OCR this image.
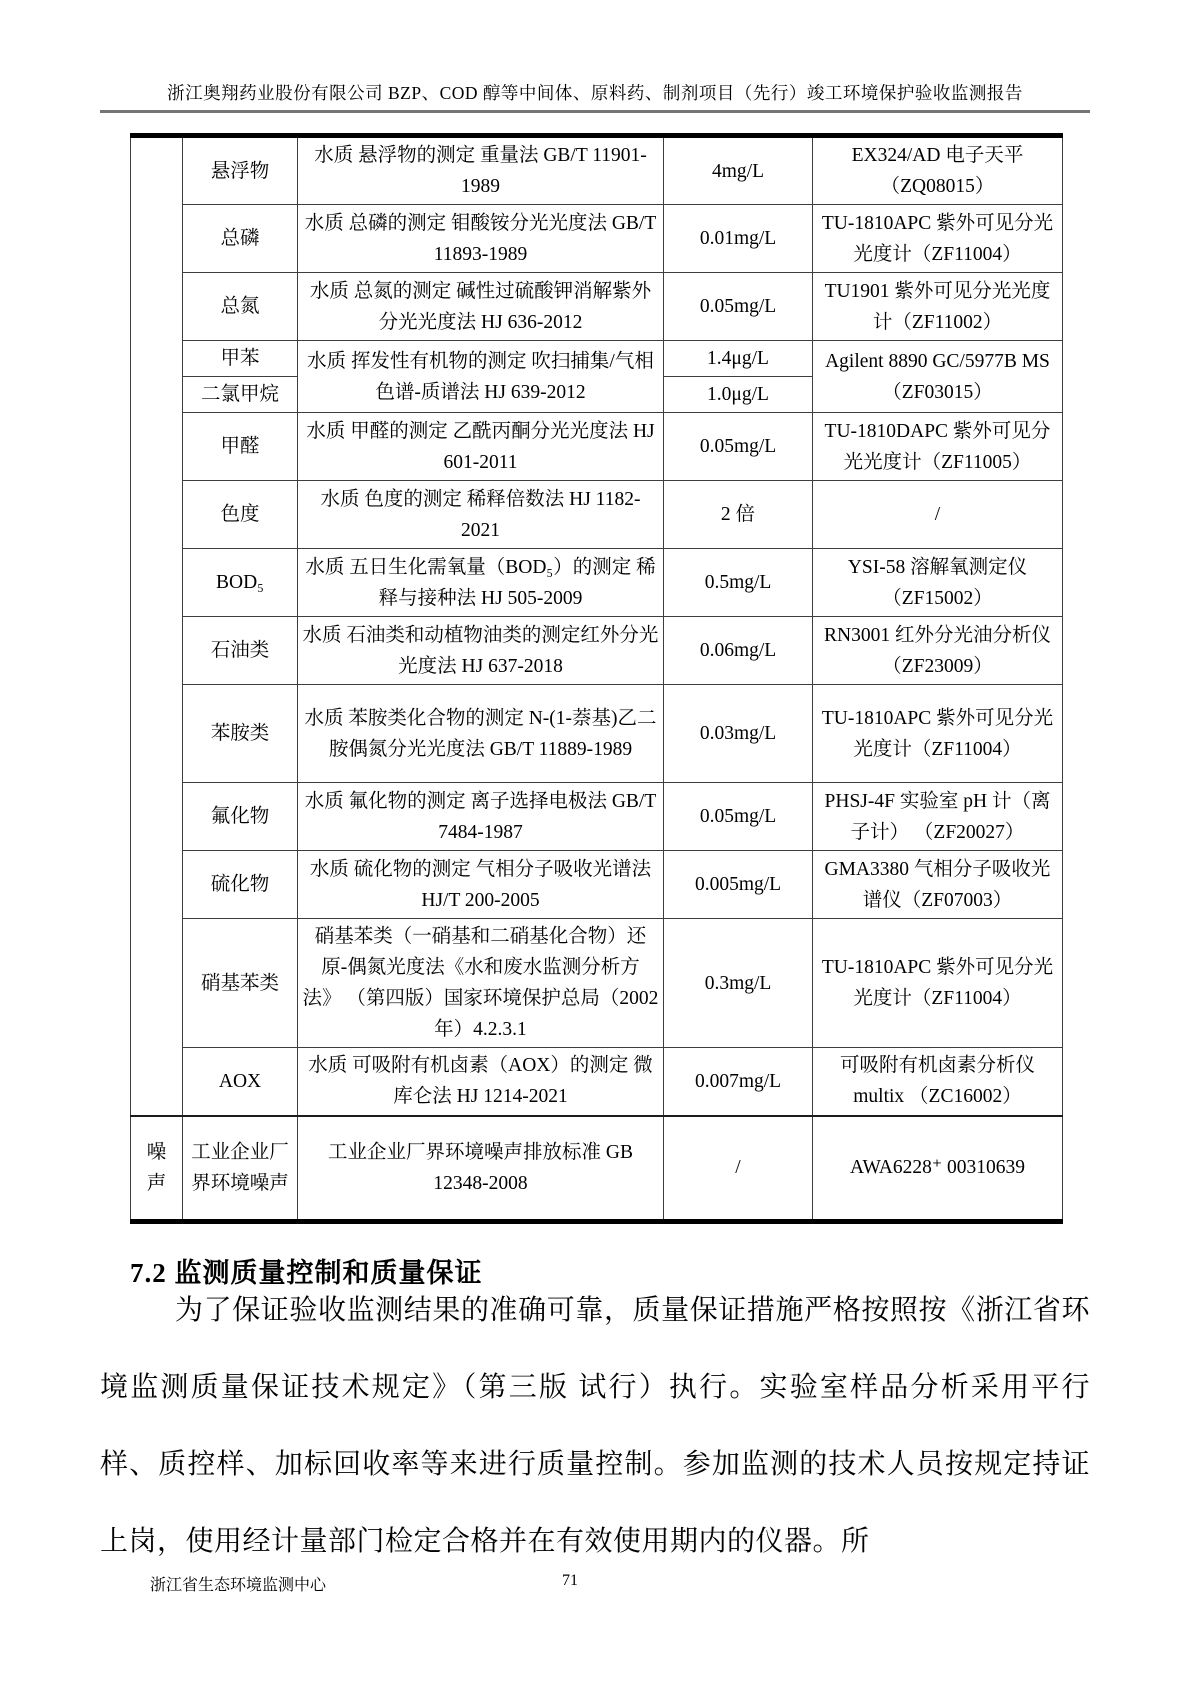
浙江奥翔药业股份有限公司 BZP、COD 醇等中间体、原料药、制剂项目（先行）竣工环境保护验收监测报告
	悬浮物	水质 悬浮物的测定 重量法 GB/T 11901-1989	4mg/L	EX324/AD 电子天平（ZQ08015）
	总磷	水质 总磷的测定 钼酸铵分光光度法 GB/T 11893-1989	0.01mg/L	TU-1810APC 紫外可见分光光度计（ZF11004）
	总氮	水质 总氮的测定 碱性过硫酸钾消解紫外分光光度法 HJ 636-2012	0.05mg/L	TU1901 紫外可见分光光度计（ZF11002）
	甲苯	水质 挥发性有机物的测定 吹扫捕集/气相色谱-质谱法 HJ 639-2012	1.4μg/L	Agilent 8890 GC/5977B MS（ZF03015）
	二氯甲烷		1.0μg/L	
	甲醛	水质 甲醛的测定 乙酰丙酮分光光度法 HJ 601-2011	0.05mg/L	TU-1810DAPC 紫外可见分光光度计（ZF11005）
	色度	水质 色度的测定 稀释倍数法 HJ 1182-2021	2 倍	/
	BOD₅	水质 五日生化需氧量（BOD₅）的测定 稀释与接种法 HJ 505-2009	0.5mg/L	YSI-58 溶解氧测定仪（ZF15002）
	石油类	水质 石油类和动植物油类的测定红外分光光度法 HJ 637-2018	0.06mg/L	RN3001 红外分光油分析仪（ZF23009）
	苯胺类	水质 苯胺类化合物的测定 N-(1-萘基)乙二胺偶氮分光光度法 GB/T 11889-1989	0.03mg/L	TU-1810APC 紫外可见分光光度计（ZF11004）
	氟化物	水质 氟化物的测定 离子选择电极法 GB/T 7484-1987	0.05mg/L	PHSJ-4F 实验室 pH 计（离子计） （ZF20027）
	硫化物	水质 硫化物的测定 气相分子吸收光谱法 HJ/T 200-2005	0.005mg/L	GMA3380 气相分子吸收光谱仪（ZF07003）
	硝基苯类	硝基苯类（一硝基和二硝基化合物）还原-偶氮光度法《水和废水监测分析方法》 （第四版）国家环境保护总局（2002 年）4.2.3.1	0.3mg/L	TU-1810APC 紫外可见分光光度计（ZF11004）
	AOX	水质 可吸附有机卤素（AOX）的测定 微库仑法 HJ 1214-2021	0.007mg/L	可吸附有机卤素分析仪 multix （ZC16002）

噪声	工业企业厂界环境噪声	工业企业厂界环境噪声排放标准 GB 12348-2008	/	AWA6228⁺ 00310639
7.2 监测质量控制和质量保证
为了保证验收监测结果的准确可靠，质量保证措施严格按照按《浙江省环境监测质量保证技术规定》（第三版 试行）执行。实验室样品分析采用平行样、质控样、加标回收率等来进行质量控制。参加监测的技术人员按规定持证上岗，使用经计量部门检定合格并在有效使用期内的仪器。所
浙江省生态环境监测中心	71
